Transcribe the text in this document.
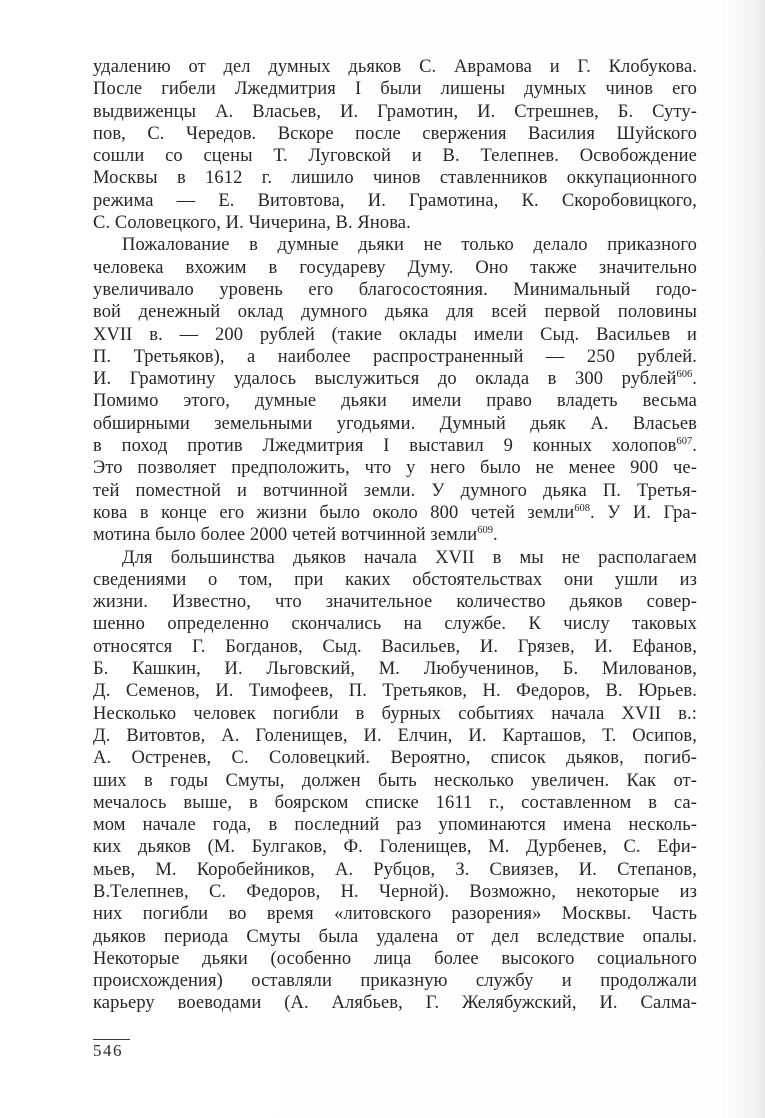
удалению от дел думных дьяков С. Аврамова и Г. Клобукова.
После гибели Лжедмитрия I были лишены думных чинов его
выдвиженцы А. Власьев, И. Грамотин, И. Стрешнев, Б. Суту-
пов, С. Чередов. Вскоре после свержения Василия Шуйского
сошли со сцены Т. Луговской и В. Телепнев. Освобождение
Москвы в 1612 г. лишило чинов ставленников оккупационного
режима — Е. Витовтова, И. Грамотина, К. Скоробовицкого,
С. Соловецкого, И. Чичерина, В. Янова.
Пожалование в думные дьяки не только делало приказного
человека вхожим в государеву Думу. Оно также значительно
увеличивало уровень его благосостояния. Минимальный годо-
вой денежный оклад думного дьяка для всей первой половины
XVII в. — 200 рублей (такие оклады имели Сыд. Васильев и
П. Третьяков), а наиболее распространенный — 250 рублей.
И. Грамотину удалось выслужиться до оклада в 300 рублей$^{606}$.
Помимо этого, думные дьяки имели право владеть весьма
обширными земельными угодьями. Думный дьяк А. Власьев
в поход против Лжедмитрия I выставил 9 конных холопов$^{607}$.
Это позволяет предположить, что у него было не менее 900 че-
тей поместной и вотчинной земли. У думного дьяка П. Третья-
кова в конце его жизни было около 800 четей земли$^{608}$. У И. Гра-
мотина было более 2000 четей вотчинной земли$^{609}$.
Для большинства дьяков начала XVII в мы не располагаем
сведениями о том, при каких обстоятельствах они ушли из
жизни. Известно, что значительное количество дьяков совер-
шенно определенно скончались на службе. К числу таковых
относятся Г. Богданов, Сыд. Васильев, И. Грязев, И. Ефанов,
Б. Кашкин, И. Льговский, М. Любученинов, Б. Милованов,
Д. Семенов, И. Тимофеев, П. Третьяков, Н. Федоров, В. Юрьев.
Несколько человек погибли в бурных событиях начала XVII в.:
Д. Витовтов, А. Голенищев, И. Елчин, И. Карташов, Т. Осипов,
А. Остренев, С. Соловецкий. Вероятно, список дьяков, погиб-
ших в годы Смуты, должен быть несколько увеличен. Как от-
мечалось выше, в боярском списке 1611 г., составленном в са-
мом начале года, в последний раз упоминаются имена несколь-
ких дьяков (М. Булгаков, Ф. Голенищев, М. Дурбенев, С. Ефи-
мьев, М. Коробейников, А. Рубцов, З. Свиязев, И. Степанов,
В.Телепнев, С. Федоров, Н. Черной). Возможно, некоторые из
них погибли во время «литовского разорения» Москвы. Часть
дьяков периода Смуты была удалена от дел вследствие опалы.
Некоторые дьяки (особенно лица более высокого социального
происхождения) оставляли приказную службу и продолжали
карьеру воеводами (А. Алябьев, Г. Желябужский, И. Салма-
546
